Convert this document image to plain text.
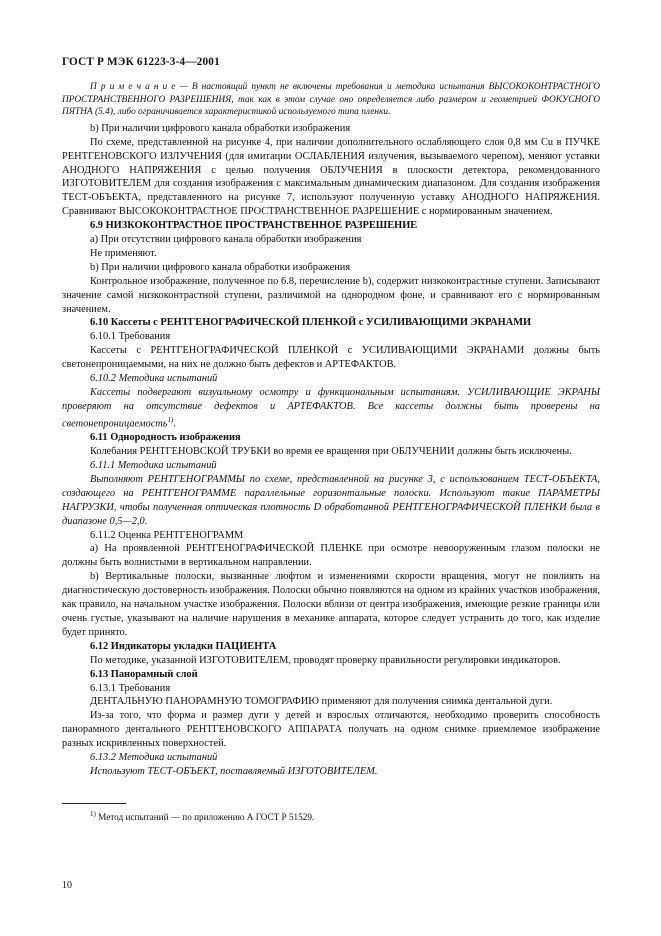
ГОСТ Р МЭК 61223-3-4—2001

П р и м е ч а н и е — В настоящий пункт не включены требования и методика испытания ВЫСОКОКОНТРАСТНОГО ПРОСТРАНСТВЕННОГО РАЗРЕШЕНИЯ, так как в этом случае оно определяется либо размером и геометрией ФОКУСНОГО ПЯТНА (5.4), либо ограничивается характеристикой используемого типа пленки.

b) При наличии цифрового канала обработки изображения

По схеме, представленной на рисунке 4, при наличии дополнительного ослабляющего слоя 0,8 мм Cu в ПУЧКЕ РЕНТГЕНОВСКОГО ИЗЛУЧЕНИЯ (для имитации ОСЛАБЛЕНИЯ излучения, вызываемого черепом), меняют уставки АНОДНОГО НАПРЯЖЕНИЯ с целью получения ОБЛУЧЕНИЯ в плоскости детектора, рекомендованного ИЗГОТОВИТЕЛЕМ для создания изображения с максимальным динамическим диапазоном. Для создания изображения ТЕСТ-ОБЪЕКТА, представленного на рисунке 7, используют полученную уставку АНОДНОГО НАПРЯЖЕНИЯ. Сравнивают ВЫСОКОКОНТРАСТНОЕ ПРОСТРАНСТВЕННОЕ РАЗРЕШЕНИЕ с нормированным значением.

6.9 НИЗКОКОНТРАСТНОЕ ПРОСТРАНСТВЕННОЕ РАЗРЕШЕНИЕ

a) При отсутствии цифрового канала обработки изображения

Не применяют.

b) При наличии цифрового канала обработки изображения

Контрольное изображение, полученное по 6.8, перечисление b), содержит низкоконтрастные ступени. Записывают значение самой низкоконтрастной ступени, различимой на однородном фоне, и сравнивают его с нормированным значением.

6.10 Кассеты с РЕНТГЕНОГРАФИЧЕСКОЙ ПЛЕНКОЙ с УСИЛИВАЮЩИМИ ЭКРАНАМИ

6.10.1 Требования

Кассеты с РЕНТГЕНОГРАФИЧЕСКОЙ ПЛЕНКОЙ с УСИЛИВАЮЩИМИ ЭКРАНАМИ должны быть светонепроницаемыми, на них не должно быть дефектов и АРТЕФАКТОВ.

6.10.2 Методика испытаний

Кассеты подвергают визуальному осмотру и функциональным испытаниям. УСИЛИВАЮЩИЕ ЭКРАНЫ проверяют на отсутствие дефектов и АРТЕФАКТОВ. Все кассеты должны быть проверены на светонепроницаемость$^{1)}$.

6.11 Однородность изображения

Колебания РЕНТГЕНОВСКОЙ ТРУБКИ во время ее вращения при ОБЛУЧЕНИИ должны быть исключены.

6.11.1 Методика испытаний

Выполняют РЕНТГЕНОГРАММЫ по схеме, представленной на рисунке 3, с использованием ТЕСТ-ОБЪЕКТА, создающего на РЕНТГЕНОГРАММЕ параллельные горизонтальные полоски. Используют такие ПАРАМЕТРЫ НАГРУЗКИ, чтобы полученная оптическая плотность D обработанной РЕНТГЕНОГРАФИЧЕСКОЙ ПЛЕНКИ была в диапазоне 0,5—2,0.

6.11.2 Оценка РЕНТГЕНОГРАММ

a) На проявленной РЕНТГЕНОГРАФИЧЕСКОЙ ПЛЕНКЕ при осмотре невооруженным глазом полоски не должны быть волнистыми в вертикальном направлении.

b) Вертикальные полоски, вызванные люфтом и изменениями скорости вращения, могут не повлиять на диагностическую достоверность изображения. Полоски обычно появляются на одном из крайних участков изображения, как правило, на начальном участке изображения. Полоски вблизи от центра изображения, имеющие резкие границы или очень густые, указывают на наличие нарушения в механике аппарата, которое следует устранить до того, как изделие будет принято.

6.12 Индикаторы укладки ПАЦИЕНТА

По методике, указанной ИЗГОТОВИТЕЛЕМ, проводят проверку правильности регулировки индикаторов.

6.13 Панорамный слой

6.13.1 Требования

ДЕНТАЛЬНУЮ ПАНОРАМНУЮ ТОМОГРАФИЮ применяют для получения снимка дентальной дуги.

Из-за того, что форма и размер дуги у детей и взрослых отличаются, необходимо проверить способность панорамного дентального РЕНТГЕНОВСКОГО АППАРАТА получать на одном снимке приемлемое изображение разных искривленных поверхностей.

6.13.2 Методика испытаний

Используют ТЕСТ-ОБЪЕКТ, поставляемый ИЗГОТОВИТЕЛЕМ.

$^{1)}$ Метод испытаний — по приложению А ГОСТ Р 51529.

10
